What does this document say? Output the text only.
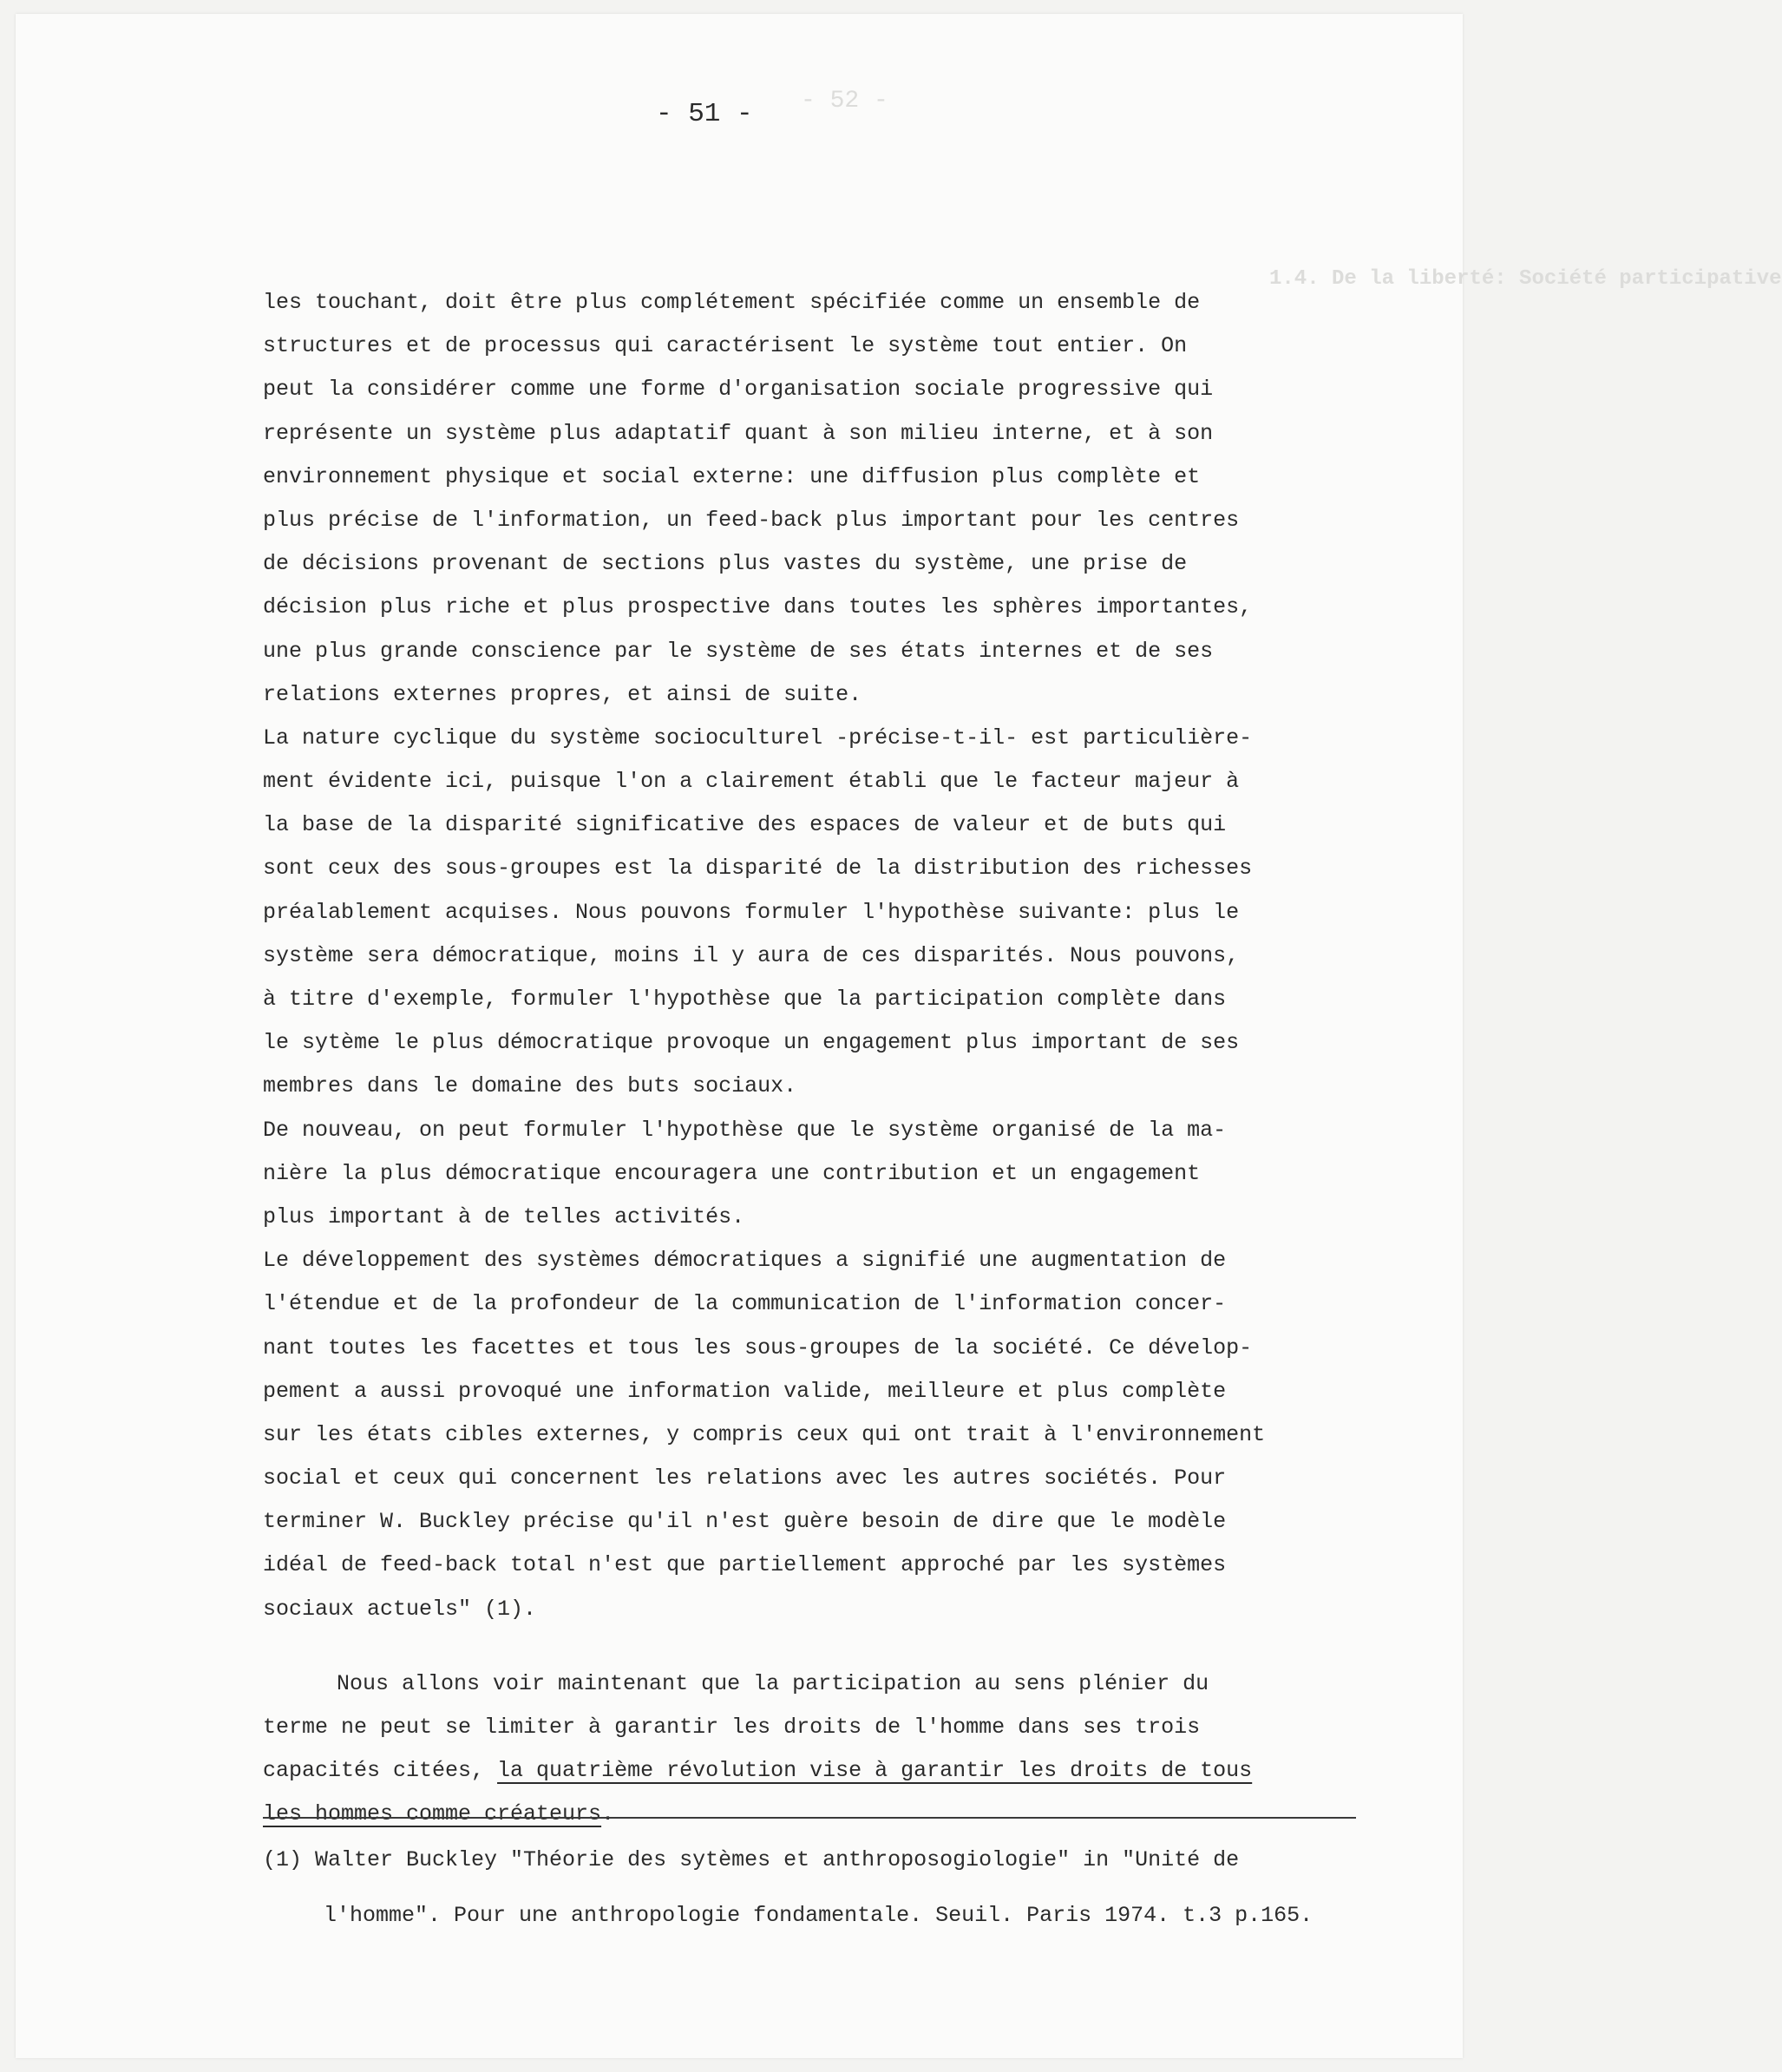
- 52 -
1.4. De la liberté: Société participative
- 51 -
les touchant, doit être plus complétement spécifiée comme un ensemble de
structures et de processus qui caractérisent le système tout entier. On
peut la considérer comme une forme d'organisation sociale progressive qui
représente un système plus adaptatif quant à son milieu interne, et à son
environnement physique et social externe: une diffusion plus complète et
plus précise de l'information, un feed-back plus important pour les centres
de décisions provenant de sections plus vastes du système, une prise de
décision plus riche et plus prospective dans toutes les sphères importantes,
une plus grande conscience par le système de ses états internes et de ses
relations externes propres, et ainsi de suite.
La nature cyclique du système socioculturel -précise-t-il- est particulière-
ment évidente ici, puisque l'on a clairement établi que le facteur majeur à
la base de la disparité significative des espaces de valeur et de buts qui
sont ceux des sous-groupes est la disparité de la distribution des richesses
préalablement acquises. Nous pouvons formuler l'hypothèse suivante: plus le
système sera démocratique, moins il y aura de ces disparités. Nous pouvons,
à titre d'exemple, formuler l'hypothèse que la participation complète dans
le sytème le plus démocratique provoque un engagement plus important de ses
membres dans le domaine des buts sociaux.
De nouveau, on peut formuler l'hypothèse que le système organisé de la ma-
nière la plus démocratique encouragera une contribution et un engagement
plus important à de telles activités.
Le développement des systèmes démocratiques a signifié une augmentation de
l'étendue et de la profondeur de la communication de l'information concer-
nant toutes les facettes et tous les sous-groupes de la société. Ce dévelop-
pement a aussi provoqué une information valide, meilleure et plus complète
sur les états cibles externes, y compris ceux qui ont trait à l'environnement
social et ceux qui concernent les relations avec les autres sociétés. Pour
terminer W. Buckley précise qu'il n'est guère besoin de dire que le modèle
idéal de feed-back total n'est que partiellement approché par les systèmes
sociaux actuels" (1).
Nous allons voir maintenant que la participation au sens plénier du
terme ne peut se limiter à garantir les droits de l'homme dans ses trois
capacités citées, la quatrième révolution vise à garantir les droits de tous
les hommes comme créateurs.
(1) Walter Buckley "Théorie des sytèmes et anthroposogiologie" in "Unité de
l'homme". Pour une anthropologie fondamentale. Seuil. Paris 1974. t.3 p.165.
